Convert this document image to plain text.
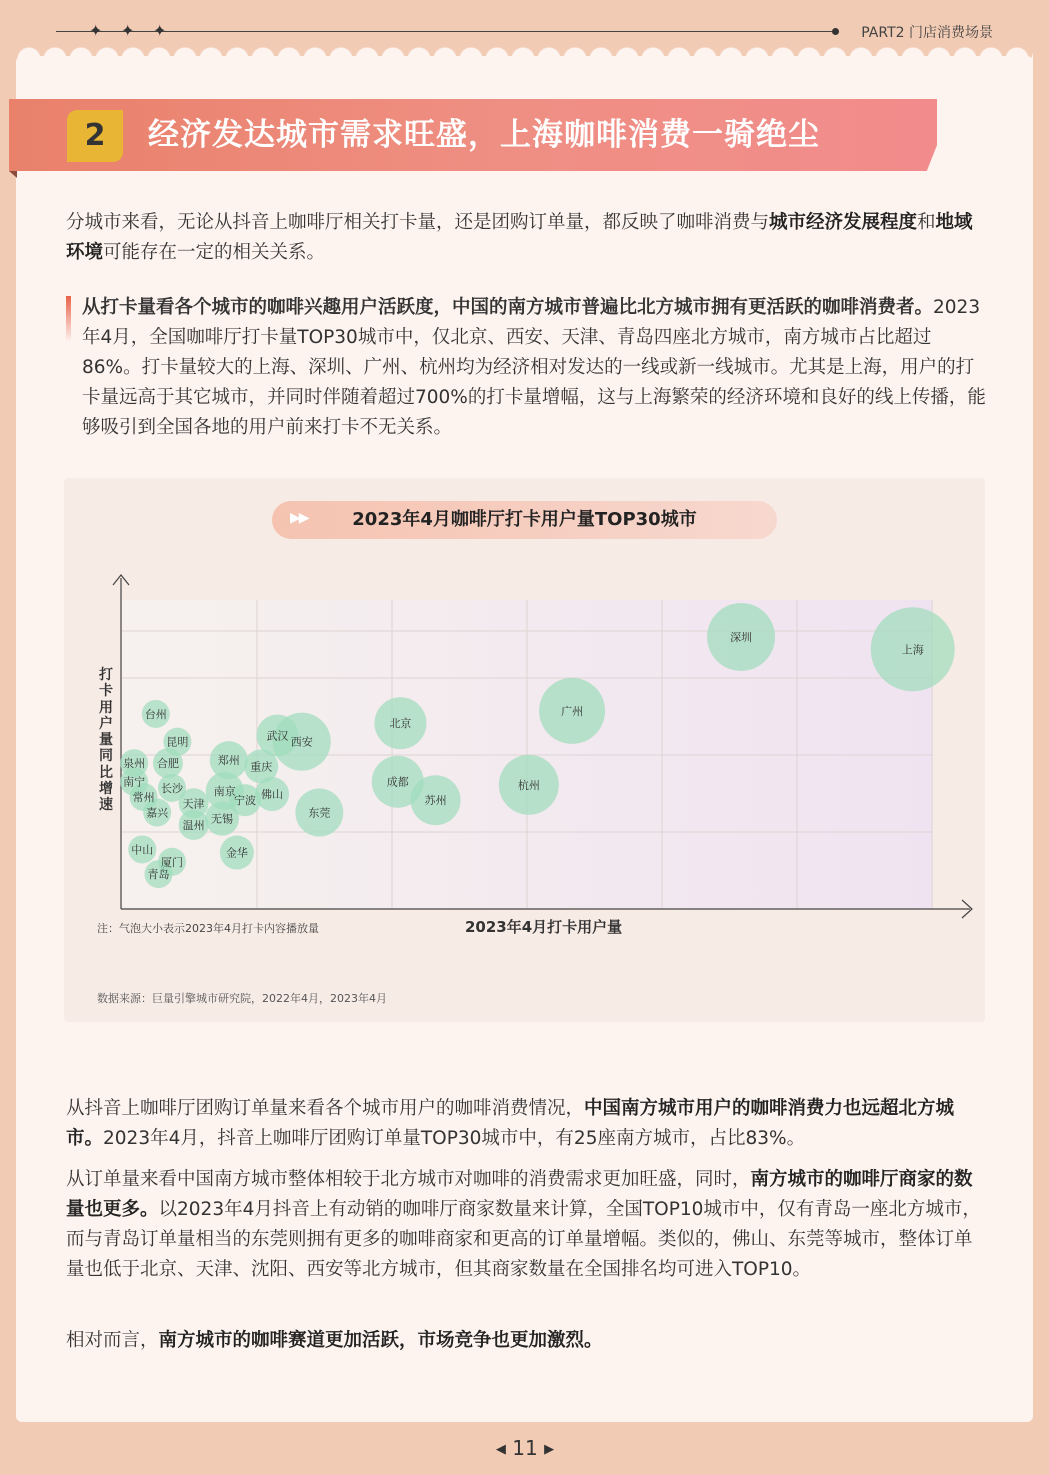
✦ ✦ ✦	PART2 门店消费场景
2	经济发达城市需求旺盛，上海咖啡消费一骑绝尘
分城市来看，无论从抖音上咖啡厅相关打卡量，还是团购订单量，都反映了咖啡消费与城市经济发展程度和地域环境可能存在一定的相关关系。
从打卡量看各个城市的咖啡兴趣用户活跃度，中国的南方城市普遍比北方城市拥有更活跃的咖啡消费者。2023年4月，全国咖啡厅打卡量TOP30城市中，仅北京、西安、天津、青岛四座北方城市，南方城市占比超过86%。打卡量较大的上海、深圳、广州、杭州均为经济相对发达的一线或新一线城市。尤其是上海，用户的打卡量远高于其它城市，并同时伴随着超过700%的打卡量增幅，这与上海繁荣的经济环境和良好的线上传播，能够吸引到全国各地的用户前来打卡不无关系。
2023年4月咖啡厅打卡用户量TOP30城市
▶▶
上海
深圳
广州
杭州
西安
北京
成都
苏州
东莞
武汉
郑州
南京
重庆
佛山
无锡
金华
宁波
天津
温州
合肥
台州
昆明
泉州
南宁 长沙
常州
嘉兴
中山
厦门
青岛
打卡用户量同比增速
2023年4月打卡用户量
注：气泡大小表示2023年4月打卡内容播放量
数据来源：巨量引擎城市研究院，2022年4月，2023年4月
从抖音上咖啡厅团购订单量来看各个城市用户的咖啡消费情况，中国南方城市用户的咖啡消费力也远超北方城市。2023年4月，抖音上咖啡厅团购订单量TOP30城市中，有25座南方城市，占比83%。
从订单量来看中国南方城市整体相较于北方城市对咖啡的消费需求更加旺盛，同时，南方城市的咖啡厅商家的数量也更多。以2023年4月抖音上有动销的咖啡厅商家数量来计算，全国TOP10城市中，仅有青岛一座北方城市，而与青岛订单量相当的东莞则拥有更多的咖啡商家和更高的订单量增幅。类似的，佛山、东莞等城市，整体订单量也低于北京、天津、沈阳、西安等北方城市，但其商家数量在全国排名均可进入TOP10。
相对而言，南方城市的咖啡赛道更加活跃，市场竞争也更加激烈。
◀ 11 ▶
